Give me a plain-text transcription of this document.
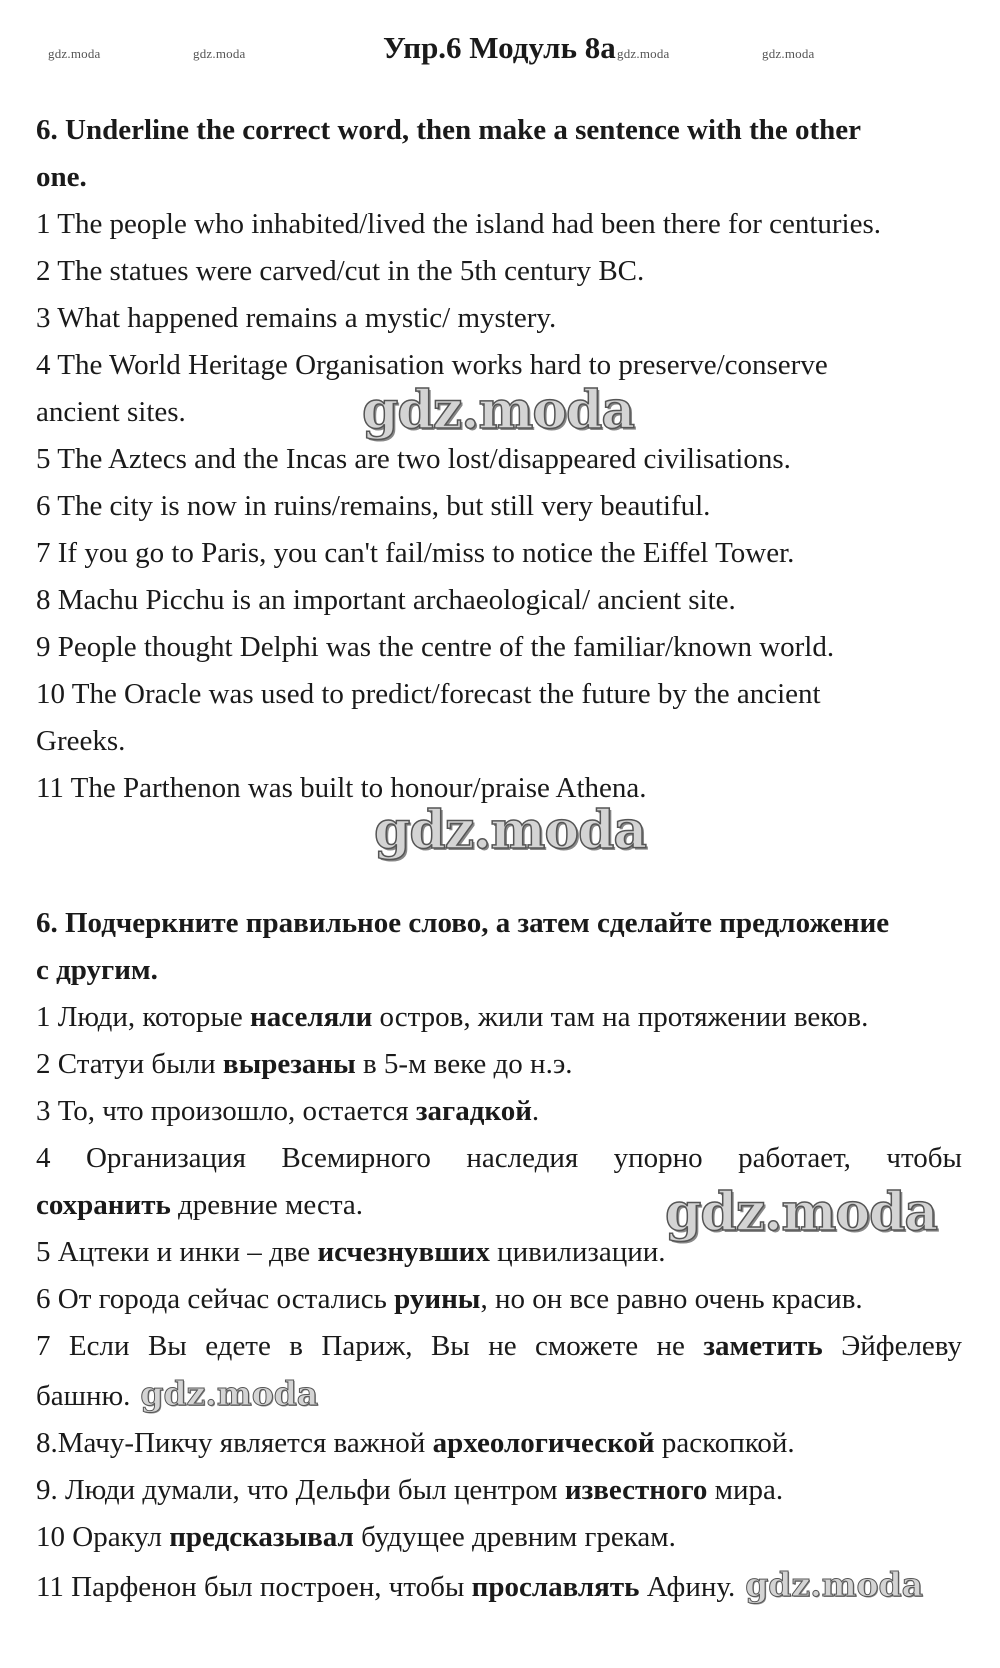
gdz.moda	gdz.moda	Упр.6 Модуль 8а gdz.moda	gdz.moda

6. Underline the correct word, then make a sentence with the other

one.

1 The people who inhabited/lived the island had been there for centuries.

2 The statues were carved/cut in the 5th century BC.

3 What happened remains a mystic/ mystery.

4 The World Heritage Organisation works hard to preserve/conserve

ancient sites.

5 The Aztecs and the Incas are two lost/disappeared civilisations.

6 The city is now in ruins/remains, but still very beautiful.

7 If you go to Paris, you can't fail/miss to notice the Eiffel Tower.

8 Machu Picchu is an important archaeological/ ancient site.

9 People thought Delphi was the centre of the familiar/known world.

10 The Oracle was used to predict/forecast the future by the ancient

Greeks.

11 The Parthenon was built to honour/praise Athena.

gdz.moda
gdz.moda
gdz.moda

6. Подчеркните правильное слово, а затем сделайте предложение

с другим.

1 Люди, которые населяли остров, жили там на протяжении веков.

2 Статуи были вырезаны в 5-м веке до н.э.

3 То, что произошло, остается загадкой.

4 Организация Всемирного наследия упорно работает, чтобы

сохранить древние места.

5 Ацтеки и инки – две исчезнувших цивилизации.

6 От города сейчас остались руины, но он все равно очень красив.

7 Если Вы едете в Париж, Вы не сможете не заметить Эйфелеву

башню. gdz.moda

8.Мачу-Пикчу является важной археологической раскопкой.

9. Люди думали, что Дельфи был центром известного мира.

10 Оракул предсказывал будущее древним грекам.

11 Парфенон был построен, чтобы прославлять Афину. gdz.moda
